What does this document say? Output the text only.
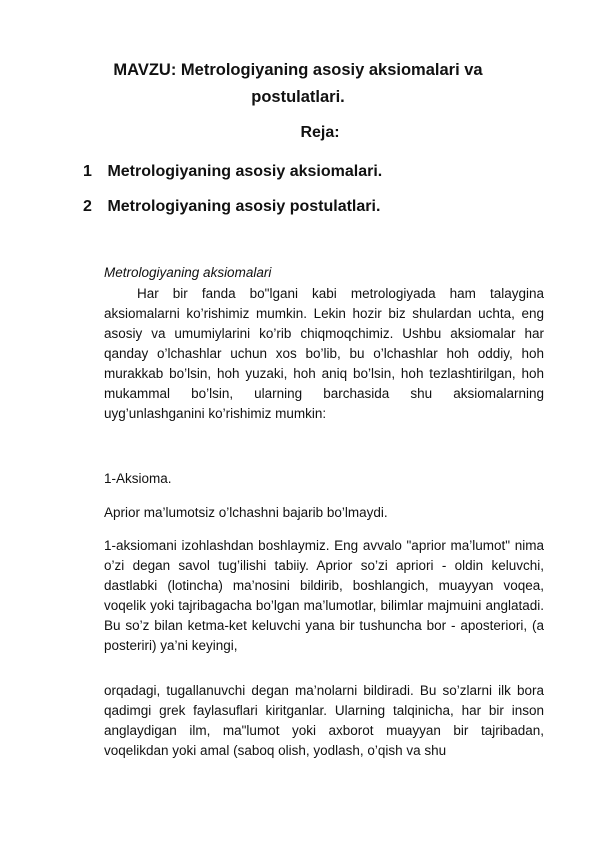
MAVZU: Metrologiyaning asosiy aksiomalari va postulatlari.
Reja:
1 Metrologiyaning asosiy aksiomalari.
2 Metrologiyaning asosiy postulatlari.
Metrologiyaning aksiomalari
Har bir fanda bo"lgani kabi metrologiyada ham talaygina aksiomalarni ko’rishimiz mumkin. Lekin hozir biz shulardan uchta, eng asosiy va umumiylarini ko’rib chiqmoqchimiz. Ushbu aksiomalar har qanday o’lchashlar uchun xos bo’lib, bu o’lchashlar hoh oddiy, hoh murakkab bo’lsin, hoh yuzaki, hoh aniq bo’lsin, hoh tezlashtirilgan, hoh mukammal bo’lsin, ularning barchasida shu aksiomalarning uyg’unlashganini ko’rishimiz mumkin:
1-Aksioma.
Aprior ma’lumotsiz o’lchashni bajarib bo’lmaydi.
1-aksiomani izohlashdan boshlaymiz. Eng avvalo "aprior ma’lumot" nima o’zi degan savol tug’ilishi tabiiy. Aprior so’zi apriori - oldin keluvchi, dastlabki (lotincha) ma’nosini bildirib, boshlangich, muayyan voqea, voqelik yoki tajribagacha bo’lgan ma’lumotlar, bilimlar majmuini anglatadi. Bu so’z bilan ketma-ket keluvchi yana bir tushuncha bor - aposteriori, (a posteriri) ya’ni keyingi,
orqadagi, tugallanuvchi degan ma’nolarni bildiradi. Bu so’zlarni ilk bora qadimgi grek faylasuflari kiritganlar. Ularning talqinicha, har bir inson anglaydigan ilm, ma"lumot yoki axborot muayyan bir tajribadan, voqelikdan yoki amal (saboq olish, yodlash, o’qish va shu
